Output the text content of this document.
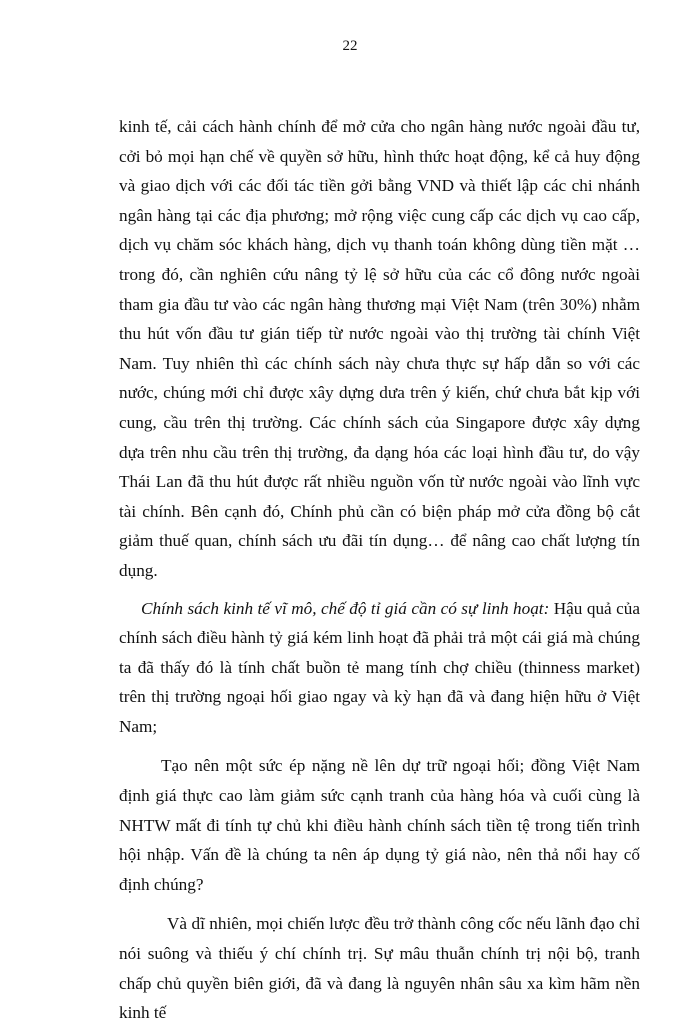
22

kinh tế, cải cách hành chính để mở cửa cho ngân hàng nước ngoài đầu tư, cởi bỏ mọi hạn chế về quyền sở hữu, hình thức hoạt động, kể cả huy động và giao dịch với các đối tác tiền gởi bằng VND và thiết lập các chi nhánh ngân hàng tại các địa phương; mở rộng việc cung cấp các dịch vụ cao cấp, dịch vụ chăm sóc khách hàng, dịch vụ thanh toán không dùng tiền mặt … trong đó, cần nghiên cứu nâng tỷ lệ sở hữu của các cổ đông nước ngoài tham gia đầu tư vào các ngân hàng thương mại Việt Nam (trên 30%) nhằm thu hút vốn đầu tư gián tiếp từ nước ngoài vào thị trường tài chính Việt Nam. Tuy nhiên thì các chính sách này chưa thực sự hấp dẫn so với các nước, chúng mới chỉ được xây dựng dưa trên ý kiến, chứ chưa bắt kịp với cung, cầu trên thị trường. Các chính sách của Singapore được xây dựng dựa trên nhu cầu trên thị trường, đa dạng hóa các loại hình đầu tư, do vậy Thái Lan đã thu hút được rất nhiều nguồn vốn từ nước ngoài vào lĩnh vực tài chính. Bên cạnh đó, Chính phủ cần có biện pháp mở cửa đồng bộ cắt giảm thuế quan, chính sách ưu đãi tín dụng… để nâng cao chất lượng tín dụng.

Chính sách kinh tế vĩ mô, chế độ tỉ giá cần có sự linh hoạt: Hậu quả của chính sách điều hành tỷ giá kém linh hoạt đã phải trả một cái giá mà chúng ta đã thấy đó là tính chất buồn tẻ mang tính chợ chiều (thinness market) trên thị trường ngoại hối giao ngay và kỳ hạn đã và đang hiện hữu ở Việt Nam;

Tạo nên một sức ép nặng nề lên dự trữ ngoại hối; đồng Việt Nam định giá thực cao làm giảm sức cạnh tranh của hàng hóa và cuối cùng là NHTW mất đi tính tự chủ khi điều hành chính sách tiền tệ trong tiến trình hội nhập. Vấn đề là chúng ta nên áp dụng tỷ giá nào, nên thả nổi hay cố định chúng?

Và dĩ nhiên, mọi chiến lược đều trở thành công cốc nếu lãnh đạo chỉ nói suông và thiếu ý chí chính trị. Sự mâu thuẫn chính trị nội bộ, tranh chấp chủ quyền biên giới, đã và đang là nguyên nhân sâu xa kìm hãm nền kinh tế
